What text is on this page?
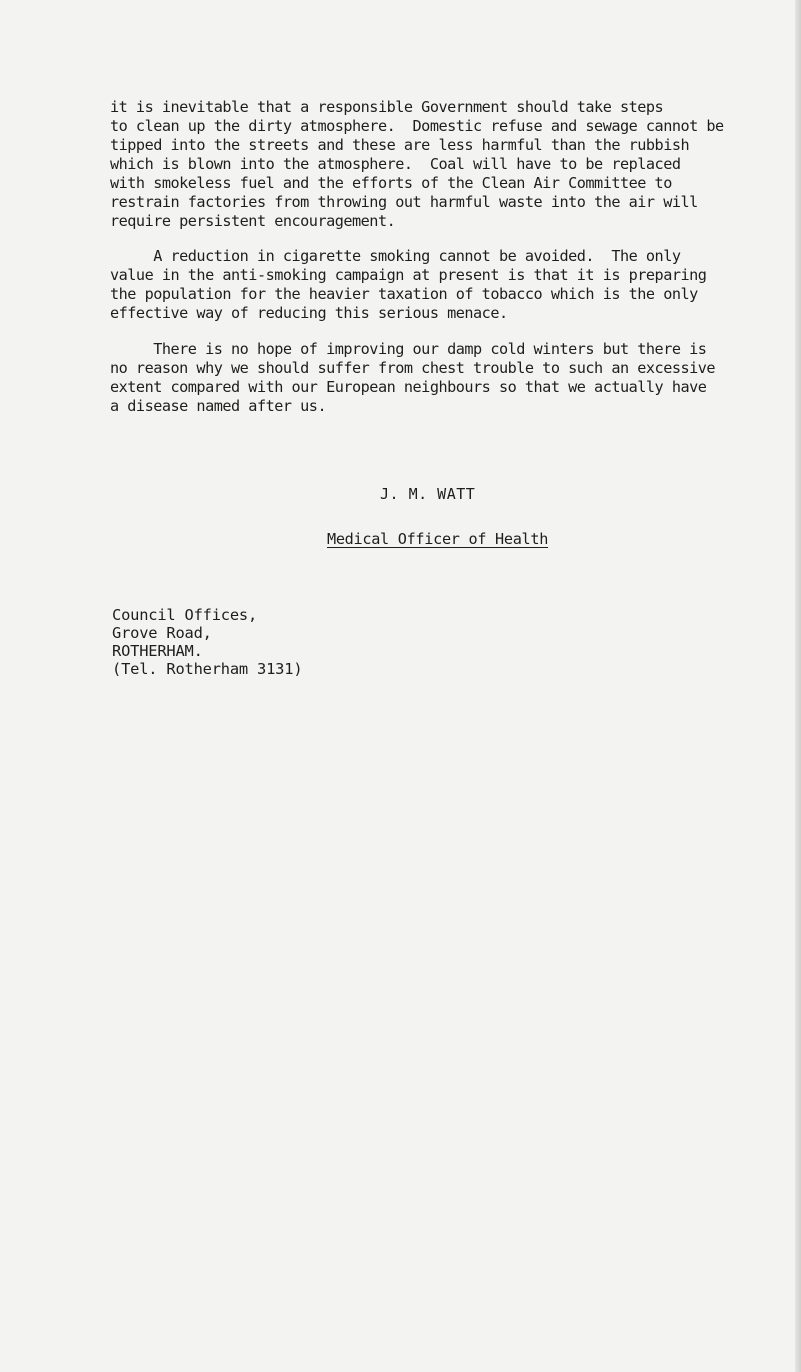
it is inevitable that a responsible Government should take steps
to clean up the dirty atmosphere.  Domestic refuse and sewage cannot be
tipped into the streets and these are less harmful than the rubbish
which is blown into the atmosphere.  Coal will have to be replaced
with smokeless fuel and the efforts of the Clean Air Committee to
restrain factories from throwing out harmful waste into the air will
require persistent encouragement.

A reduction in cigarette smoking cannot be avoided.  The only
value in the anti-smoking campaign at present is that it is preparing
the population for the heavier taxation of tobacco which is the only
effective way of reducing this serious menace.

There is no hope of improving our damp cold winters but there is
no reason why we should suffer from chest trouble to such an excessive
extent compared with our European neighbours so that we actually have
a disease named after us.

J. M. WATT
Medical Officer of Health
Council Offices,
Grove Road,
ROTHERHAM.
(Tel. Rotherham 3131)
